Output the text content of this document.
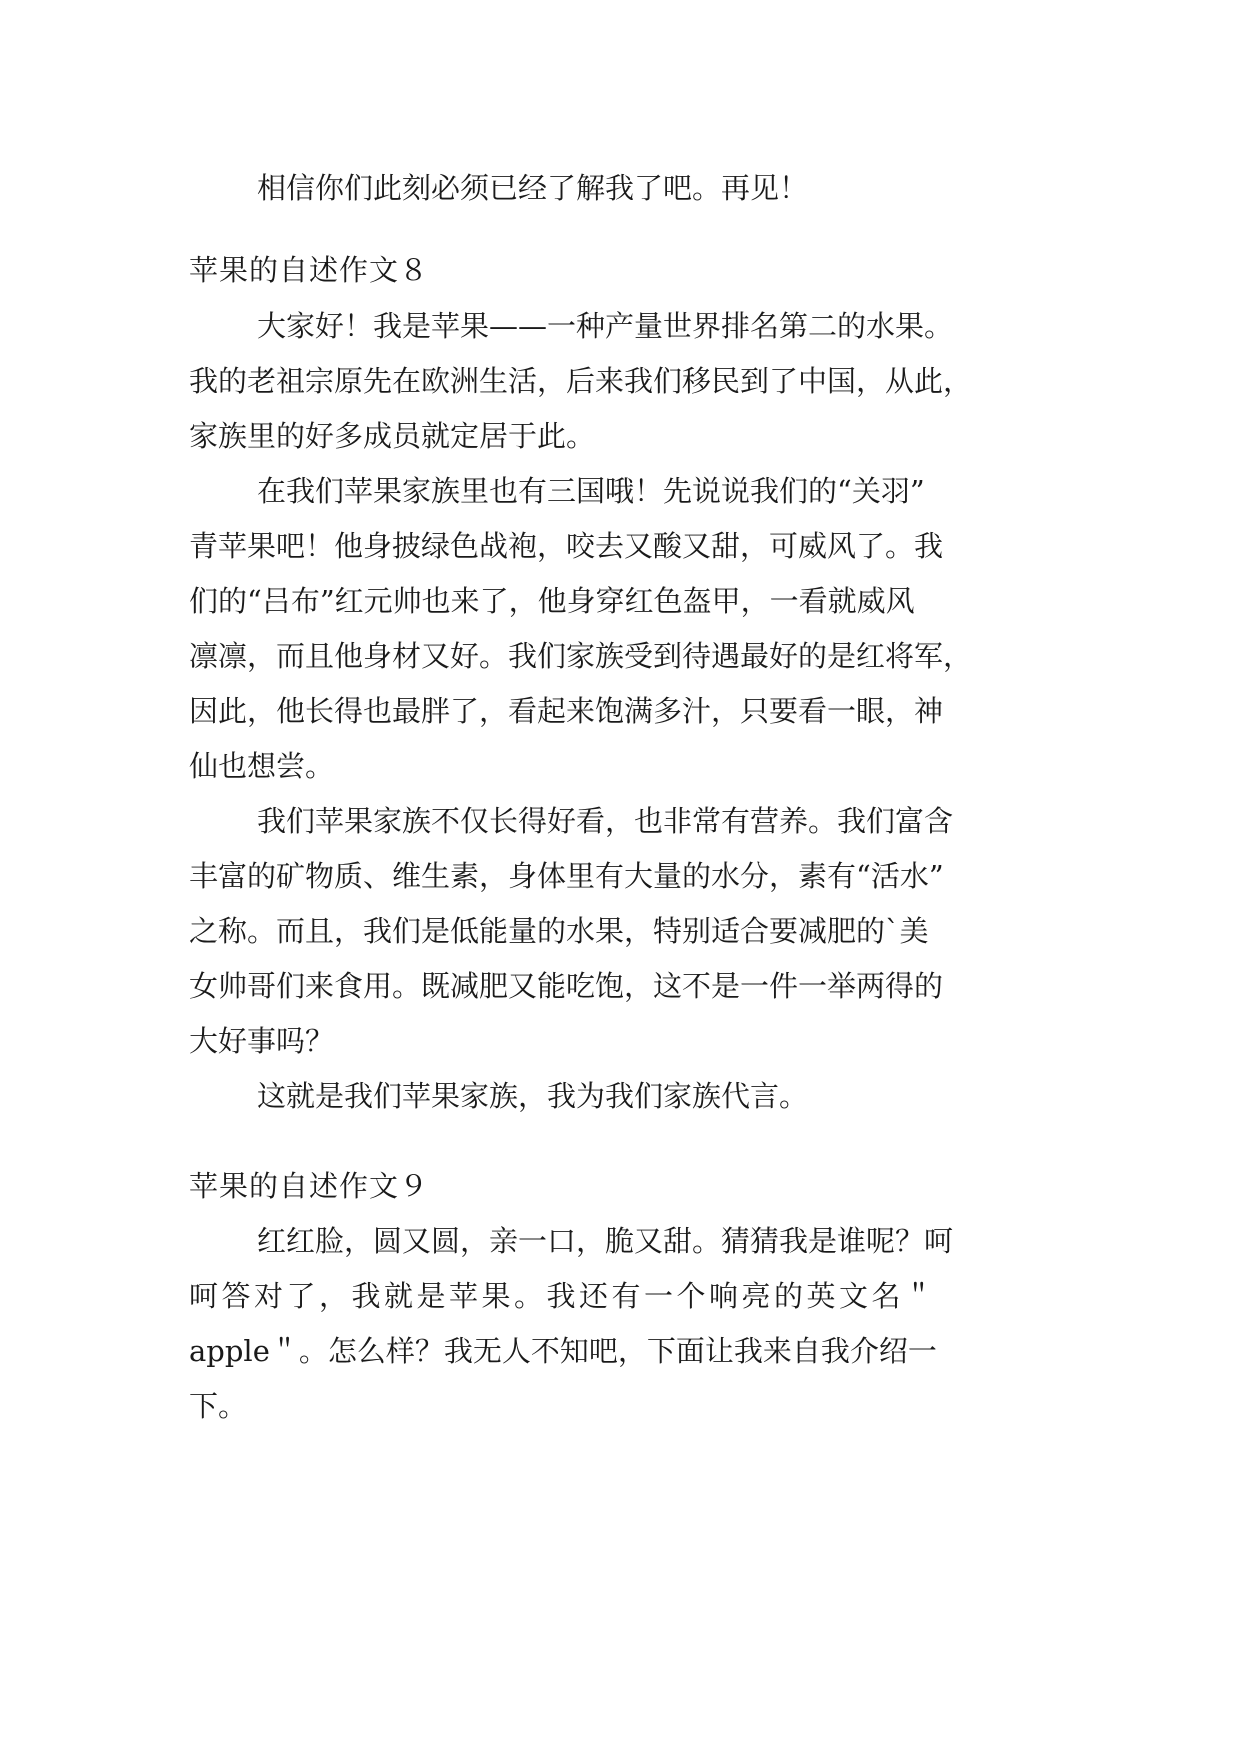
相信你们此刻必须已经了解我了吧。再见！
苹果的自述作文８
大家好！我是苹果——一种产量世界排名第二的水果。
我的老祖宗原先在欧洲生活，后来我们移民到了中国，从此，
家族里的好多成员就定居于此。
在我们苹果家族里也有三国哦！先说说我们的“关羽”
青苹果吧！他身披绿色战袍，咬去又酸又甜，可威风了。我
们的“吕布”红元帅也来了，他身穿红色盔甲，一看就威风
凛凛，而且他身材又好。我们家族受到待遇最好的是红将军，
因此，他长得也最胖了，看起来饱满多汁，只要看一眼，神
仙也想尝。
我们苹果家族不仅长得好看，也非常有营养。我们富含
丰富的矿物质、维生素，身体里有大量的水分，素有“活水”
之称。而且，我们是低能量的水果，特别适合要减肥的`美
女帅哥们来食用。既减肥又能吃饱，这不是一件一举两得的
大好事吗？
这就是我们苹果家族，我为我们家族代言。
苹果的自述作文９
红红脸，圆又圆，亲一口，脆又甜。猜猜我是谁呢？呵
呵答对了，我就是苹果。我还有一个响亮的英文名＂
apple＂。怎么样？我无人不知吧，下面让我来自我介绍一
下。
